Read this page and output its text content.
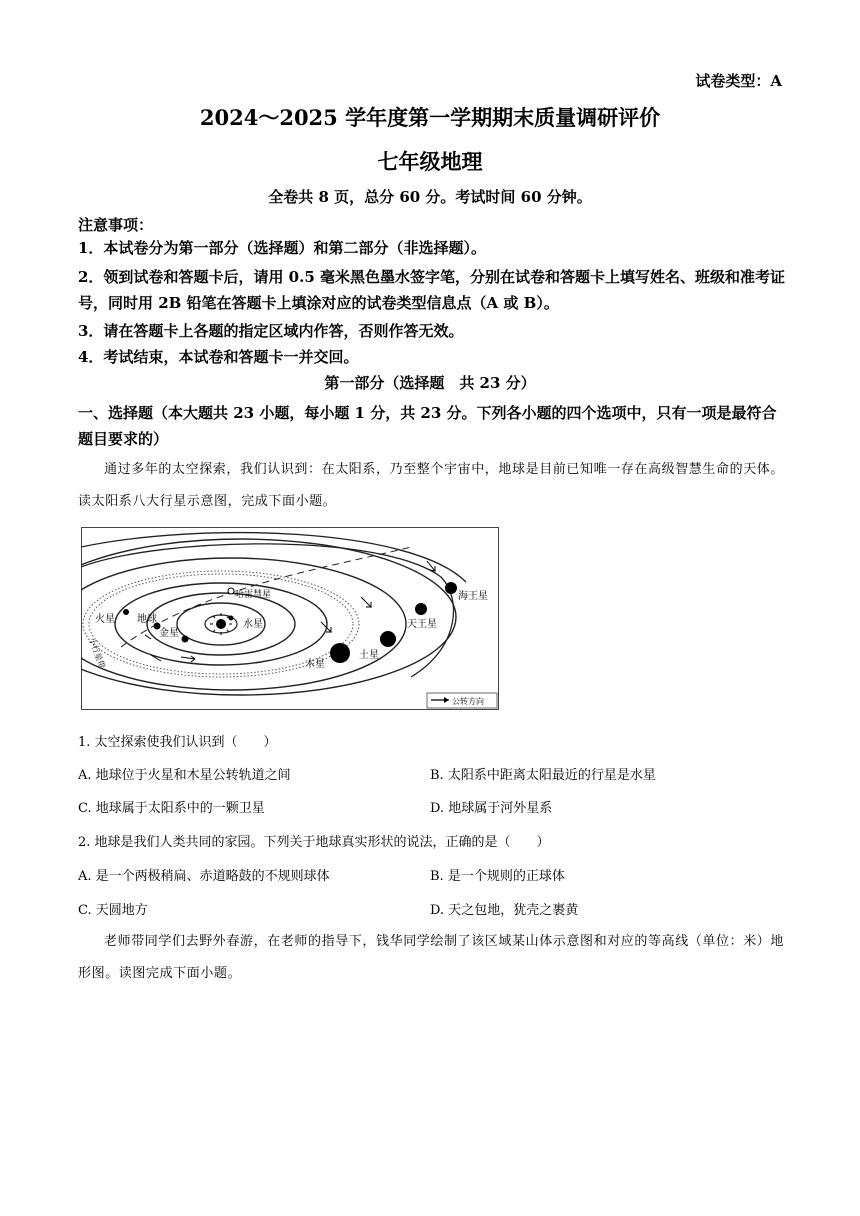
试卷类型：A
2024～2025 学年度第一学期期末质量调研评价
七年级地理
全卷共 8 页，总分 60 分。考试时间 60 分钟。
注意事项：
1．本试卷分为第一部分（选择题）和第二部分（非选择题）。
2．领到试卷和答题卡后，请用 0.5 毫米黑色墨水签字笔，分别在试卷和答题卡上填写姓名、班级和准考证号，同时用 2B 铅笔在答题卡上填涂对应的试卷类型信息点（A 或 B）。
3．请在答题卡上各题的指定区域内作答，否则作答无效。
4．考试结束，本试卷和答题卡一并交回。
第一部分（选择题　共 23 分）
一、选择题（本大题共 23 小题，每小题 1 分，共 23 分。下列各小题的四个选项中，只有一项是最符合题目要求的）
通过多年的太空探索，我们认识到：在太阳系，乃至整个宇宙中，地球是目前已知唯一存在高级智慧生命的天体。读太阳系八大行星示意图，完成下面小题。
水星
金星
地球
火星
木星
土星
天王星
海王星
哈雷彗星
小行星带
公转方向
1. 太空探索使我们认识到（　　）
A. 地球位于火星和木星公转轨道之间	B. 太阳系中距离太阳最近的行星是水星
C. 地球属于太阳系中的一颗卫星	D. 地球属于河外星系
2. 地球是我们人类共同的家园。下列关于地球真实形状的说法，正确的是（　　）
A. 是一个两极稍扁、赤道略鼓的不规则球体	B. 是一个规则的正球体
C. 天圆地方	D. 天之包地，犹壳之裹黄
老师带同学们去野外春游，在老师的指导下，钱华同学绘制了该区域某山体示意图和对应的等高线（单位：米）地形图。读图完成下面小题。
